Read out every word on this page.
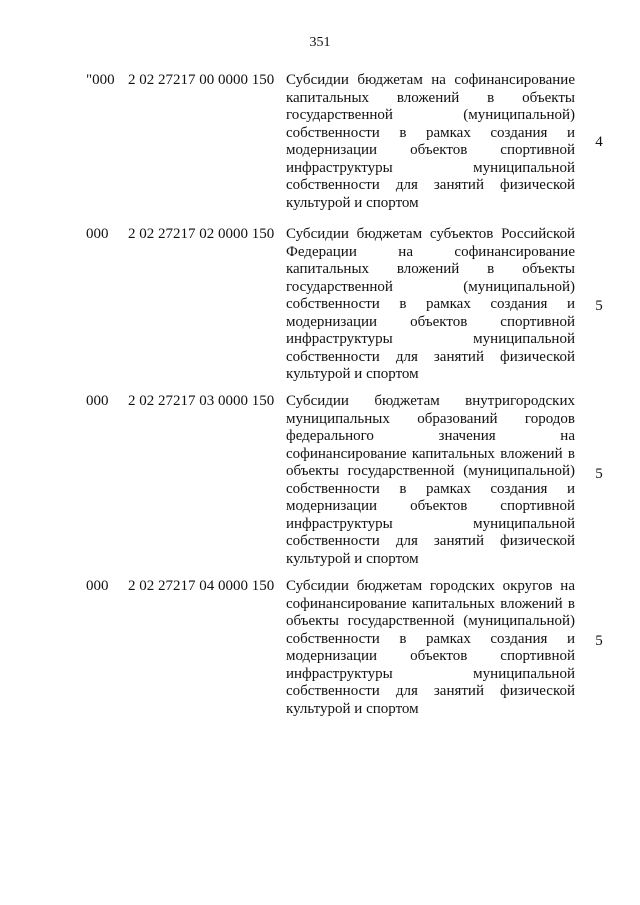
351
"000 2 02 27217 00 0000 150 Субсидии бюджетам на софинансирование капитальных вложений в объекты государственной (муниципальной) собственности в рамках создания и модернизации объектов спортивной инфраструктуры муниципальной собственности для занятий физической культурой и спортом
4
000 2 02 27217 02 0000 150 Субсидии бюджетам субъектов Российской Федерации на софинансирование капитальных вложений в объекты государственной (муниципальной) собственности в рамках создания и модернизации объектов спортивной инфраструктуры муниципальной собственности для занятий физической культурой и спортом
5
000 2 02 27217 03 0000 150 Субсидии бюджетам внутригородских муниципальных образований городов федерального значения на софинансирование капитальных вложений в объекты государственной (муниципальной) собственности в рамках создания и модернизации объектов спортивной инфраструктуры муниципальной собственности для занятий физической культурой и спортом
5
000 2 02 27217 04 0000 150 Субсидии бюджетам городских округов на софинансирование капитальных вложений в объекты государственной (муниципальной) собственности в рамках создания и модернизации объектов спортивной инфраструктуры муниципальной собственности для занятий физической культурой и спортом
5
